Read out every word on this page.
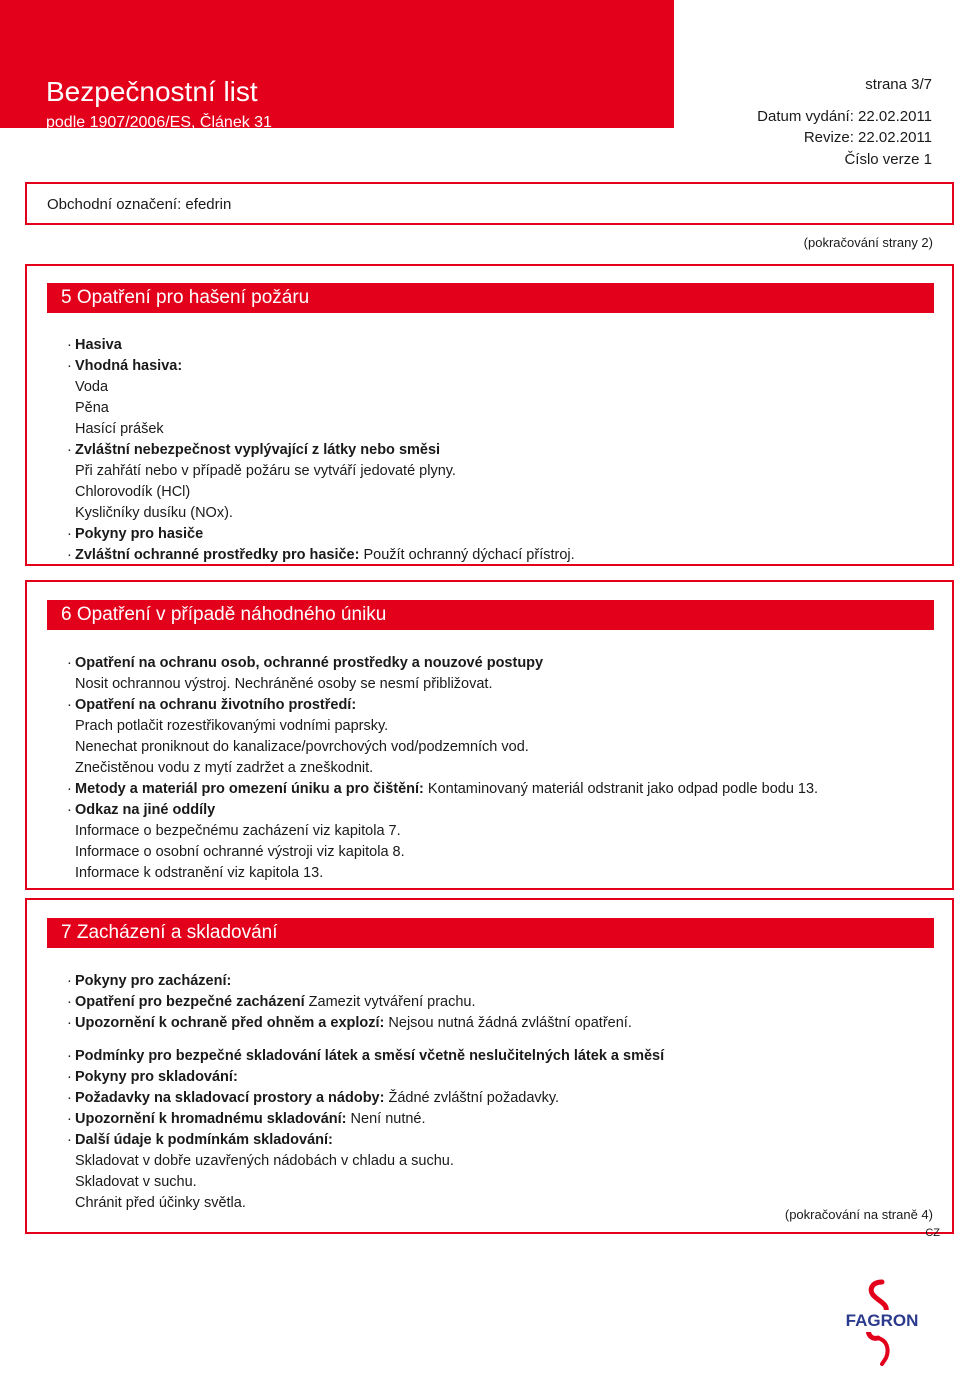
Bezpečnostní list
podle 1907/2006/ES, Článek 31
strana 3/7
Datum vydání: 22.02.2011
Revize: 22.02.2011
Číslo verze 1
Obchodní označení: efedrin
(pokračování strany 2)
5 Opatření pro hašení požáru
· Hasiva
· Vhodná hasiva:
Voda
Pěna
Hasící prášek
· Zvláštní nebezpečnost vyplývající z látky nebo směsi
Při zahřátí nebo v případě požáru se vytváří jedovaté plyny.
Chlorovodík (HCl)
Kysličníky dusíku (NOx).
· Pokyny pro hasiče
· Zvláštní ochranné prostředky pro hasiče: Použít ochranný dýchací přístroj.
6 Opatření v případě náhodného úniku
· Opatření na ochranu osob, ochranné prostředky a nouzové postupy
Nosit ochrannou výstroj. Nechráněné osoby se nesmí přibližovat.
· Opatření na ochranu životního prostředí:
Prach potlačit rozestřikovanými vodními paprsky.
Nenechat proniknout do kanalizace/povrchových vod/podzemních vod.
Znečistěnou vodu z mytí zadržet a zneškodnit.
· Metody a materiál pro omezení úniku a pro čištění: Kontaminovaný materiál odstranit jako odpad podle bodu 13.
· Odkaz na jiné oddíly
Informace o bezpečnému zacházení viz kapitola 7.
Informace o osobní ochranné výstroji viz kapitola 8.
Informace k odstranění viz kapitola 13.
7 Zacházení a skladování
· Pokyny pro zacházení:
· Opatření pro bezpečné zacházení Zamezit vytváření prachu.
· Upozornění k ochraně před ohněm a explozí: Nejsou nutná žádná zvláštní opatření.
· Podmínky pro bezpečné skladování látek a směsí včetně neslučitelných látek a směsí
· Pokyny pro skladování:
· Požadavky na skladovací prostory a nádoby: Žádné zvláštní požadavky.
· Upozornění k hromadnému skladování: Není nutné.
· Další údaje k podmínkám skladování:
Skladovat v dobře uzavřených nádobách v chladu a suchu.
Skladovat v suchu.
Chránit před účinky světla.
(pokračování na straně 4)
CZ
FAGRON
